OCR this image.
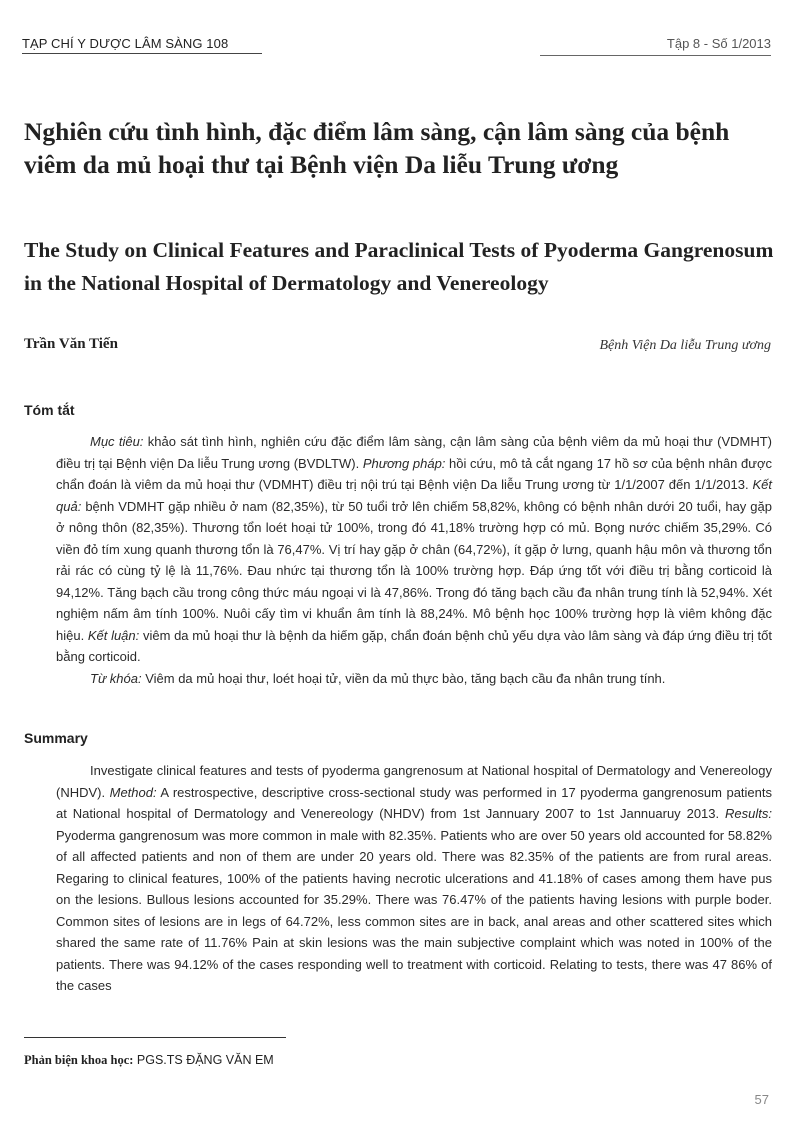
TẠP CHÍ Y DƯỢC LÂM SÀNG 108	Tập 8 - Số 1/2013
Nghiên cứu tình hình, đặc điểm lâm sàng, cận lâm sàng của bệnh viêm da mủ hoại thư tại Bệnh viện Da liễu Trung ương
The Study on Clinical Features and Paraclinical Tests of Pyoderma Gangrenosum in the National Hospital of Dermatology and Venereology
Trần Văn Tiến	Bệnh Viện Da liễu Trung ương
Tóm tắt

Mục tiêu: khảo sát tình hình, nghiên cứu đặc điểm lâm sàng, cận lâm sàng của bệnh viêm da mủ hoại thư (VDMHT) điều trị tại Bệnh viện Da liễu Trung ương (BVDLTW). Phương pháp: hồi cứu, mô tả cắt ngang 17 hồ sơ của bệnh nhân được chẩn đoán là viêm da mủ hoại thư (VDMHT) điều trị nội trú tại Bệnh viện Da liễu Trung ương từ 1/1/2007 đến 1/1/2013. Kết quả: bệnh VDMHT gặp nhiều ở nam (82,35%), từ 50 tuổi trở lên chiếm 58,82%, không có bệnh nhân dưới 20 tuổi, hay gặp ở nông thôn (82,35%). Thương tổn loét hoại tử 100%, trong đó 41,18% trường hợp có mủ. Bọng nước chiếm 35,29%. Có viền đỏ tím xung quanh thương tổn là 76,47%. Vị trí hay gặp ở chân (64,72%), ít gặp ở lưng, quanh hậu môn và thương tổn rải rác có cùng tỷ lệ là 11,76%. Đau nhức tại thương tổn là 100% trường hợp. Đáp ứng tốt với điều trị bằng corticoid là 94,12%. Tăng bạch cầu trong công thức máu ngoại vi là 47,86%. Trong đó tăng bạch cầu đa nhân trung tính là 52,94%. Xét nghiệm nấm âm tính 100%. Nuôi cấy tìm vi khuẩn âm tính là 88,24%. Mô bệnh học 100% trường hợp là viêm không đặc hiệu. Kết luận: viêm da mủ hoại thư là bệnh da hiếm gặp, chẩn đoán bệnh chủ yếu dựa vào lâm sàng và đáp ứng điều trị tốt bằng corticoid.

Từ khóa: Viêm da mủ hoại thư, loét hoại tử, viền da mủ thực bào, tăng bạch cầu đa nhân trung tính.

Summary

Investigate clinical features and tests of pyoderma gangrenosum at National hospital of Dermatology and Venereology (NHDV). Method: A restrospective, descriptive cross-sectional study was performed in 17 pyoderma gangrenosum patients at National hospital of Dermatology and Venereology (NHDV) from 1st Jannuary 2007 to 1st Jannuaruy 2013. Results: Pyoderma gangrenosum was more common in male with 82.35%. Patients who are over 50 years old accounted for 58.82% of all affected patients and non of them are under 20 years old. There was 82.35% of the patients are from rural areas. Regaring to clinical features, 100% of the patients having necrotic ulcerations and 41.18% of cases among them have pus on the lesions. Bullous lesions accounted for 35.29%. There was 76.47% of the patients having lesions with purple boder. Common sites of lesions are in legs of 64.72%, less common sites are in back, anal areas and other scattered sites which shared the same rate of 11.76% Pain at skin lesions was the main subjective complaint which was noted in 100% of the patients. There was 94.12% of the cases responding well to treatment with corticoid. Relating to tests, there was 47 86% of the cases

Phản biện khoa học: PGS.TS ĐẶNG VĂN EM
57
